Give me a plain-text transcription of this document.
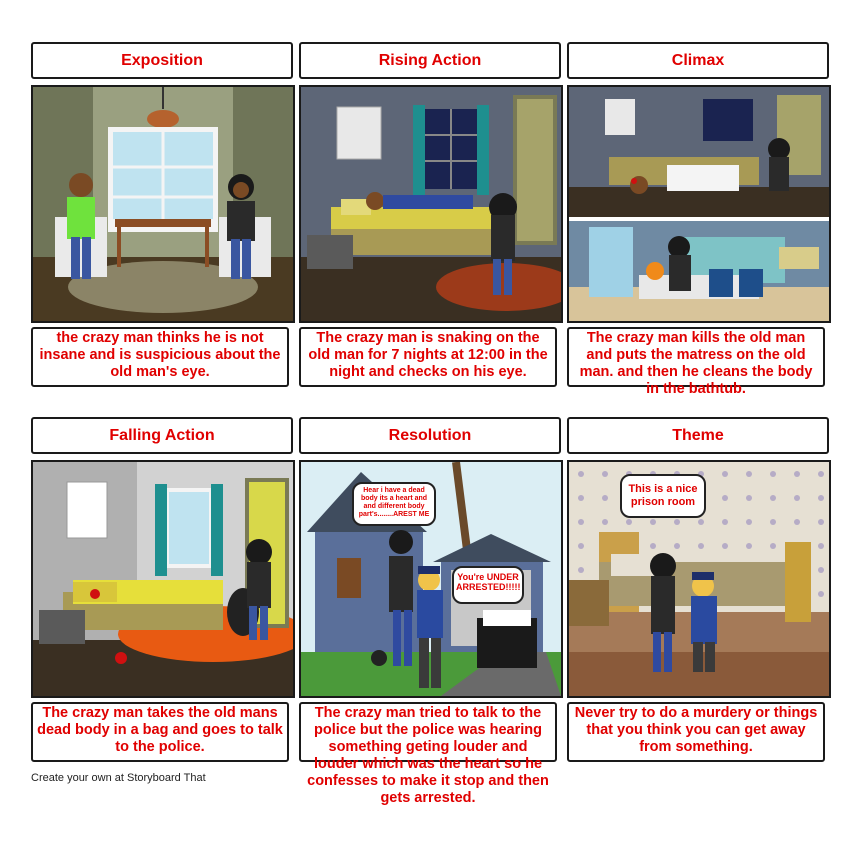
Exposition
the crazy man thinks he is not insane and is suspicious about the old man's eye.
Rising Action
The crazy man is snaking on the old man for 7 nights at 12:00 in the night and checks on his eye.
Climax
The crazy man kills the old man and puts the matress on the old man. and then he cleans the body in the bathtub.
Falling Action
The crazy man takes the old mans dead body in a bag and goes to talk to the police.
Resolution
Hear i have a dead body its a heart and and different body part's........AREST ME
You're UNDER ARRESTED!!!!!
The crazy man tried to talk to the police but the police was hearing something geting louder and louder which was the heart so he confesses to make it stop and then gets arrested.
Theme
This is a nice prison room
Never try to do a murdery or things that you think you can get away from something.
Create your own at Storyboard That
